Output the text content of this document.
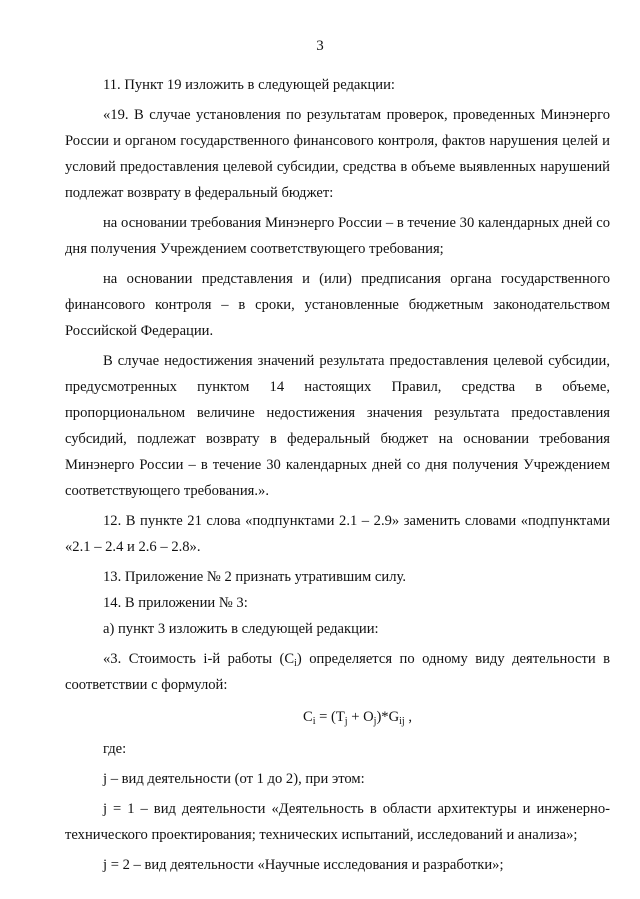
3

11. Пункт 19 изложить в следующей редакции:

«19. В случае установления по результатам проверок, проведенных Минэнерго России и органом государственного финансового контроля, фактов нарушения целей и условий предоставления целевой субсидии, средства в объеме выявленных нарушений подлежат возврату в федеральный бюджет:

на основании требования Минэнерго России – в течение 30 календарных дней со дня получения Учреждением соответствующего требования;

на основании представления и (или) предписания органа государственного финансового контроля – в сроки, установленные бюджетным законодательством Российской Федерации.

В случае недостижения значений результата предоставления целевой субсидии, предусмотренных пунктом 14 настоящих Правил, средства в объеме, пропорциональном величине недостижения значения результата предоставления субсидий, подлежат возврату в федеральный бюджет на основании требования Минэнерго России – в течение 30 календарных дней со дня получения Учреждением соответствующего требования.».

12. В пункте 21 слова «подпунктами 2.1 – 2.9» заменить словами «подпунктами «2.1 – 2.4 и 2.6 – 2.8».

13. Приложение № 2 признать утратившим силу.

14. В приложении № 3:

а) пункт 3 изложить в следующей редакции:

«3. Стоимость i-й работы $(C_i)$ определяется по одному виду деятельности в соответствии с формулой:

$C_i = (T_j + O_j)*G_{ij}$ ,

где:

j – вид деятельности (от 1 до 2), при этом:

j = 1 – вид деятельности «Деятельность в области архитектуры и инженерно-технического проектирования; технических испытаний, исследований и анализа»;

j = 2 – вид деятельности «Научные исследования и разработки»;
